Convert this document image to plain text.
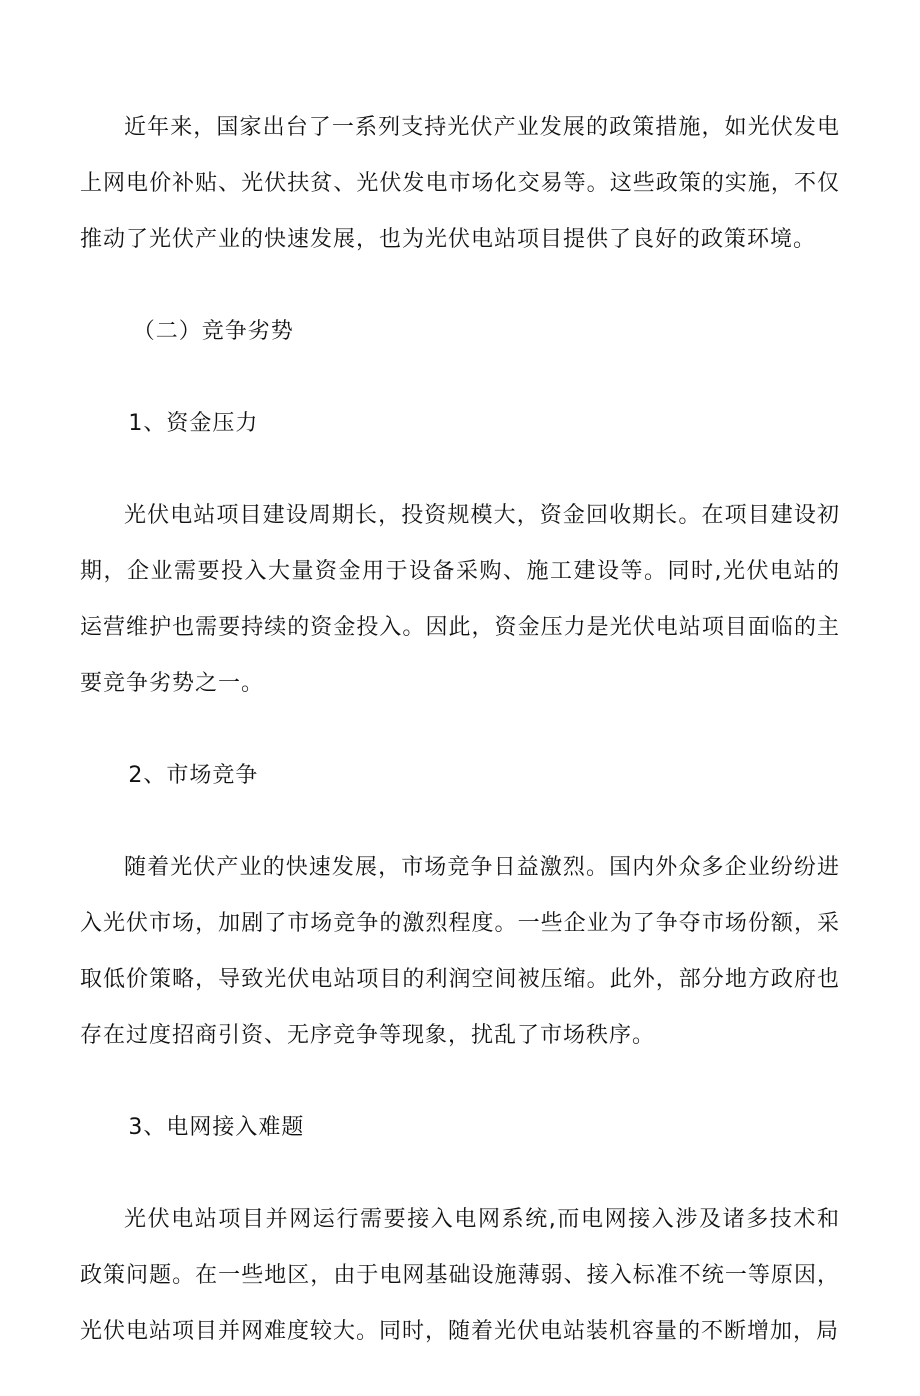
近年来，国家出台了一系列支持光伏产业发展的政策措施，如光伏发电上网电价补贴、光伏扶贫、光伏发电市场化交易等。这些政策的实施，不仅推动了光伏产业的快速发展，也为光伏电站项目提供了良好的政策环境。

（二）竞争劣势
1、资金压力

光伏电站项目建设周期长，投资规模大，资金回收期长。在项目建设初期，企业需要投入大量资金用于设备采购、施工建设等。同时,光伏电站的运营维护也需要持续的资金投入。因此，资金压力是光伏电站项目面临的主要竞争劣势之一。

2、市场竞争

随着光伏产业的快速发展，市场竞争日益激烈。国内外众多企业纷纷进入光伏市场，加剧了市场竞争的激烈程度。一些企业为了争夺市场份额，采取低价策略，导致光伏电站项目的利润空间被压缩。此外，部分地方政府也存在过度招商引资、无序竞争等现象，扰乱了市场秩序。

3、电网接入难题

光伏电站项目并网运行需要接入电网系统,而电网接入涉及诸多技术和政策问题。在一些地区，由于电网基础设施薄弱、接入标准不统一等原因，光伏电站项目并网难度较大。同时，随着光伏电站装机容量的不断增加，局
